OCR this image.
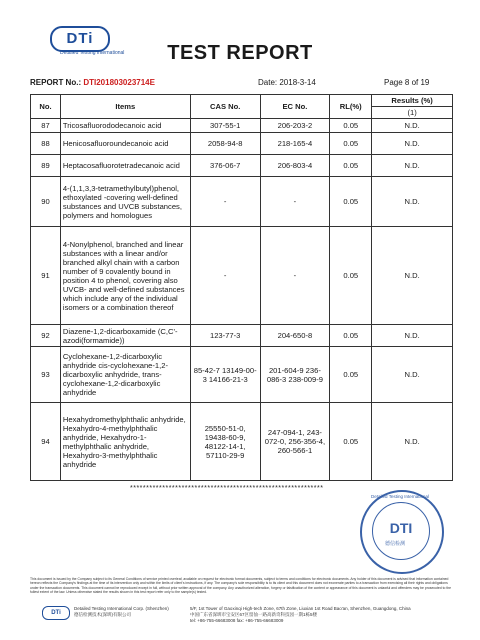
DTi
Detailed Testing International	TEST REPORT
REPORT No.: DTI201803023714E	Date: 2018-3-14	Page 8 of 19
No.	Items	CAS No.	EC No.	RL(%)	Results (%)
					(1)
87	Tricosafluorododecanoic acid	307-55-1	206-203-2	0.05	N.D.
88	Henicosafluoroundecanoic acid	2058-94-8	218-165-4	0.05	N.D.
89	Heptacosafluorotetradecanoic acid	376-06-7	206-803-4	0.05	N.D.
90	4-(1,1,3,3-tetramethylbutyl)phenol, ethoxylated -covering well-defined substances and UVCB substances, polymers and homologues	-	-	0.05	N.D.
91	4-Nonylphenol, branched and linear substances with a linear and/or branched alkyl chain with a carbon number of 9 covalently bound in position 4 to phenol, covering also UVCB- and well-defined substances which include any of the individual isomers or a combination thereof	-	-	0.05	N.D.
92	Diazene-1,2-dicarboxamide (C,C'-azodi(formamide))	123-77-3	204-650-8	0.05	N.D.
93	Cyclohexane-1,2-dicarboxylic anhydride cis-cyclohexane-1,2-dicarboxylic anhydride, trans-cyclohexane-1,2-dicarboxylic anhydride	85-42-7 13149-00-3 14166-21-3	201-604-9 236-086-3 238-009-9	0.05	N.D.
94	Hexahydromethylphthalic anhydride, Hexahydro-4-methylphthalic anhydride, Hexahydro-1-methylphthalic anhydride, Hexahydro-3-methylphthalic anhydride	25550-51-0, 19438-60-9, 48122-14-1, 57110-29-9	247-094-1, 243-072-0, 256-356-4, 260-566-1	0.05	N.D.
************************************************************
Detailed Testing International
DTI
德信检测
This document is issued by the Company subject to its General Conditions of service printed overleaf, available on request for electronic format documents, subject to terms and conditions for electronic documents. Any holder of this document is advised that information contained hereon reflects the Company's findings at the time of its intervention only and within the limits of client's instructions, if any. The company's sole responsibility is to its client and this document does not exonerate parties to a transaction from exercising all their rights and obligations under the transaction documents. This document cannot be reproduced except in full, without prior written approval of the company. Any unauthorized alteration, forgery or falsification of the content or appearance of this document is unlawful and offenders may be prosecuted to the fullest extent of the law. Unless otherwise stated the results shown in this test report refer only to the sample(s) tested.
DTi
Detailed Testing International Corp. (Shenzhen)
德信检测技术(深圳)有限公司
5/F, 1st Tower of Gaoxinqi High-tech Zone, 67th Zone, Liuxian 1st Road Bao'an, Shenzhen, Guangdong, China
中国广东省深圳市宝安区67区留仙一路高新奇科技园一期1栋5楼
tel: +86-755-66683008 fax: +86-755-66683009
